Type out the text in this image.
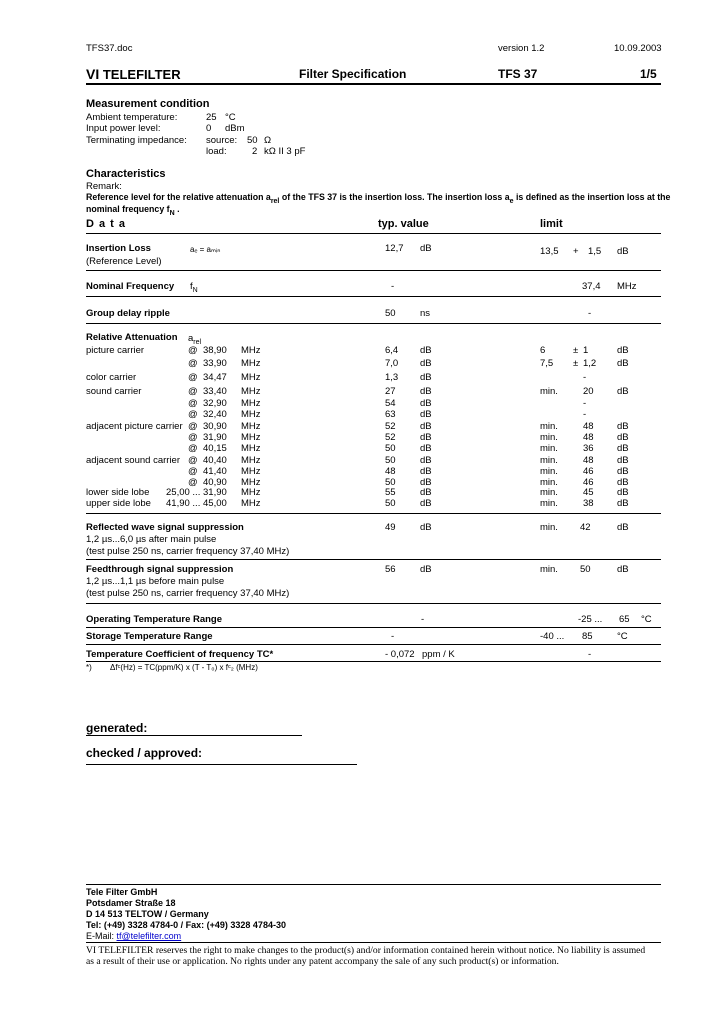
TFS37.doc	version 1.2	10.09.2003
VI TELEFILTER	Filter Specification	TFS 37	1/5
Measurement condition
Ambient temperature:	25 °C
Input power level:	0 dBm
Terminating impedance: source: 50 Ω
load:	2 kΩ II 3 pF
Characteristics
Remark:
Reference level for the relative attenuation $a_{rel}$ of the TFS 37 is the insertion loss. The insertion loss $a_e$ is defined as the insertion loss at the
nominal frequency $f_N$ .
D a t a	typ. value	limit
Insertion Loss
(Reference Level)
aₑ = aₘᵢₙ	12,7 dB	13,5 + 1,5 dB
Nominal Frequency $f_N$	-	37,4 MHz
Group delay ripple	50	ns	-
Relative Attenuation $a_{rel}$
picture carrier	@ 38,90 MHz	6,4 dB	6	± 1	dB
@ 33,90 MHz	7,0 dB	7,5 ± 1,2 dB
color carrier	@ 34,47 MHz	1,3 dB	-
sound carrier	@ 33,40 MHz	27	dB	min.	20 dB
@ 32,90 MHz	54	dB	-
@ 32,40 MHz	63	dB	-
adjacent picture carrier @ 30,90 MHz	52	dB	min.	48 dB
@ 31,90 MHz	52	dB	min.	48 dB
@ 40,15 MHz	50	dB	min.	36 dB
adjacent sound carrier @ 40,40 MHz	50	dB	min.	48 dB
@ 41,40 MHz	48	dB	min.	46 dB
@ 40,90 MHz	50	dB	min.	46 dB
lower side lobe 25,00 ... 31,90 MHz	55	dB	min.	45 dB
upper side lobe 41,90 ... 45,00 MHz	50	dB	min.	38 dB
Reflected wave signal suppression
1,2 µs...6,0 µs after main pulse
(test pulse 250 ns, carrier frequency 37,40 MHz)
49	dB	min. 42	dB
Feedthrough signal suppression
1,2 µs...1,1 µs before main pulse
(test pulse 250 ns, carrier frequency 37,40 MHz)
56	dB	min. 50	dB
Operating Temperature Range	-	-25 ... 65 °C
Storage Temperature Range	-	-40 ... 85	°C
Temperature Coefficient of frequency TC*	- 0,072 ppm / K	-
*) Δfᶜ(Hz) = TC(ppm/K) x (T - T₀) x fᶜ₂ (MHz)
generated:
checked / approved:
Tele Filter GmbH
Potsdamer Straße 18
D 14 513 TELTOW / Germany
Tel: (+49) 3328 4784-0 / Fax: (+49) 3328 4784-30
E-Mail: tf@telefilter.com
VI TELEFILTER reserves the right to make changes to the product(s) and/or information contained herein without notice. No liability is assumed
as a result of their use or application. No rights under any patent accompany the sale of any such product(s) or information.
